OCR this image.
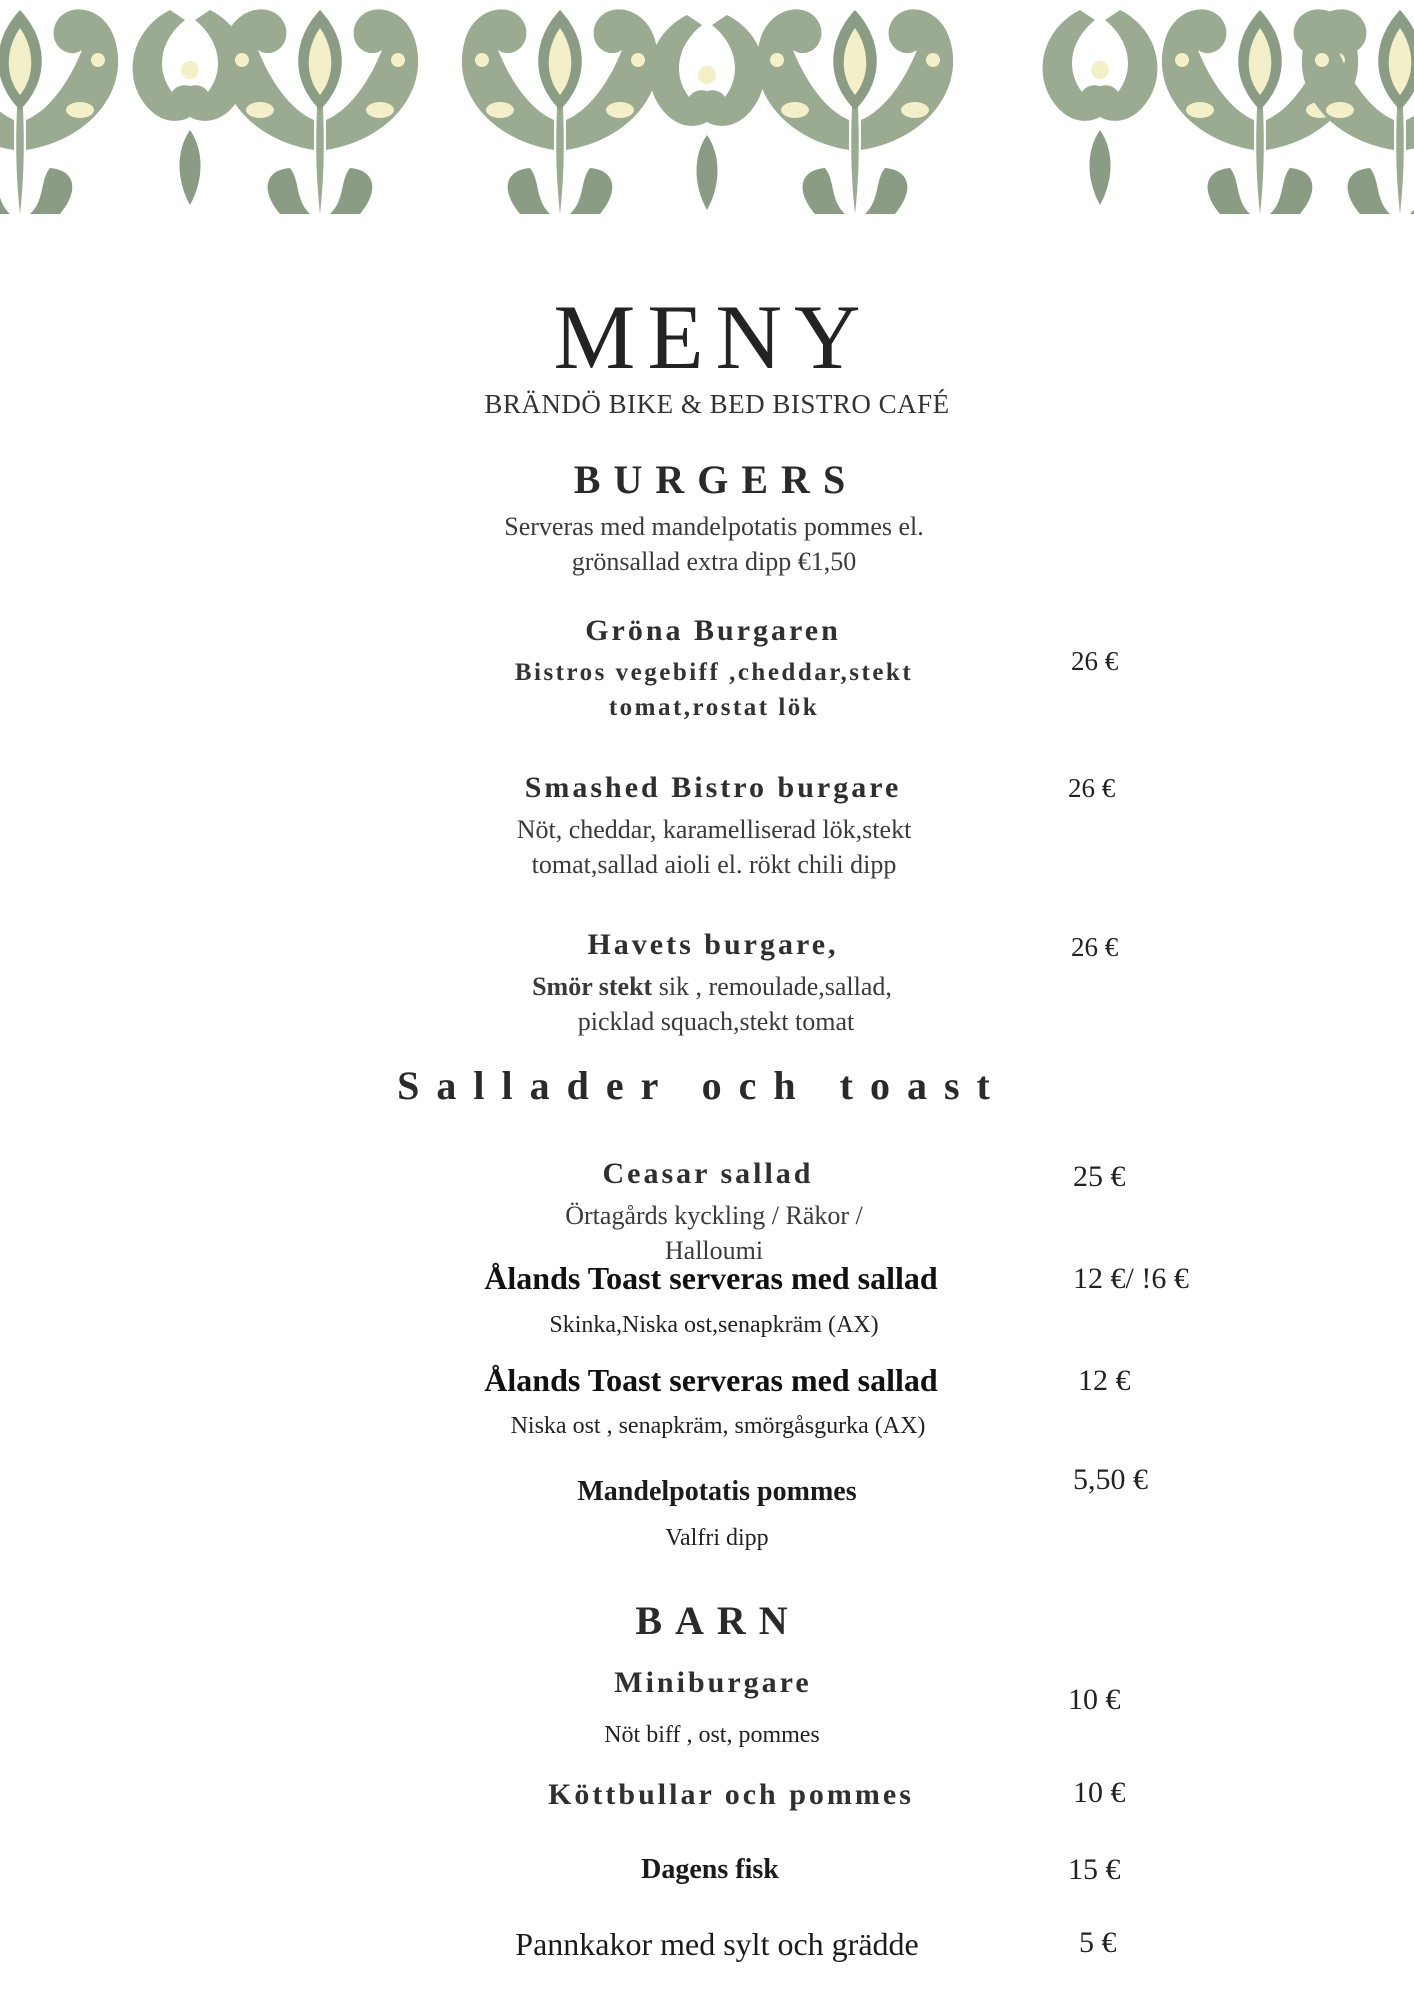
MENY
BRÄNDÖ BIKE & BED BISTRO CAFÉ
BURGERS
Serveras med mandelpotatis pommes el.
grönsallad extra dipp €1,50
Gröna Burgaren
Bistros vegebiff ,cheddar,stekt
tomat,rostat lök
26 €
Smashed Bistro burgare
Nöt, cheddar, karamelliserad lök,stekt
tomat,sallad aioli el. rökt chili dipp
26 €
Havets burgare,
Smör stekt sik , remoulade,sallad,
picklad squach,stekt tomat
26 €
Sallader och toast
Ceasar sallad
Örtagårds kyckling / Räkor /
Halloumi
25 €
Ålands Toast serveras med sallad
Skinka,Niska ost,senapkräm (AX)
12 €/ !6 €
Ålands Toast serveras med sallad
Niska ost , senapkräm, smörgåsgurka (AX)
12 €
Mandelpotatis pommes
Valfri dipp
5,50 €
BARN
Miniburgare
Nöt biff , ost, pommes
10 €
Köttbullar och pommes	10 €
Dagens fisk	15 €
Pannkakor med sylt och grädde	5 €
